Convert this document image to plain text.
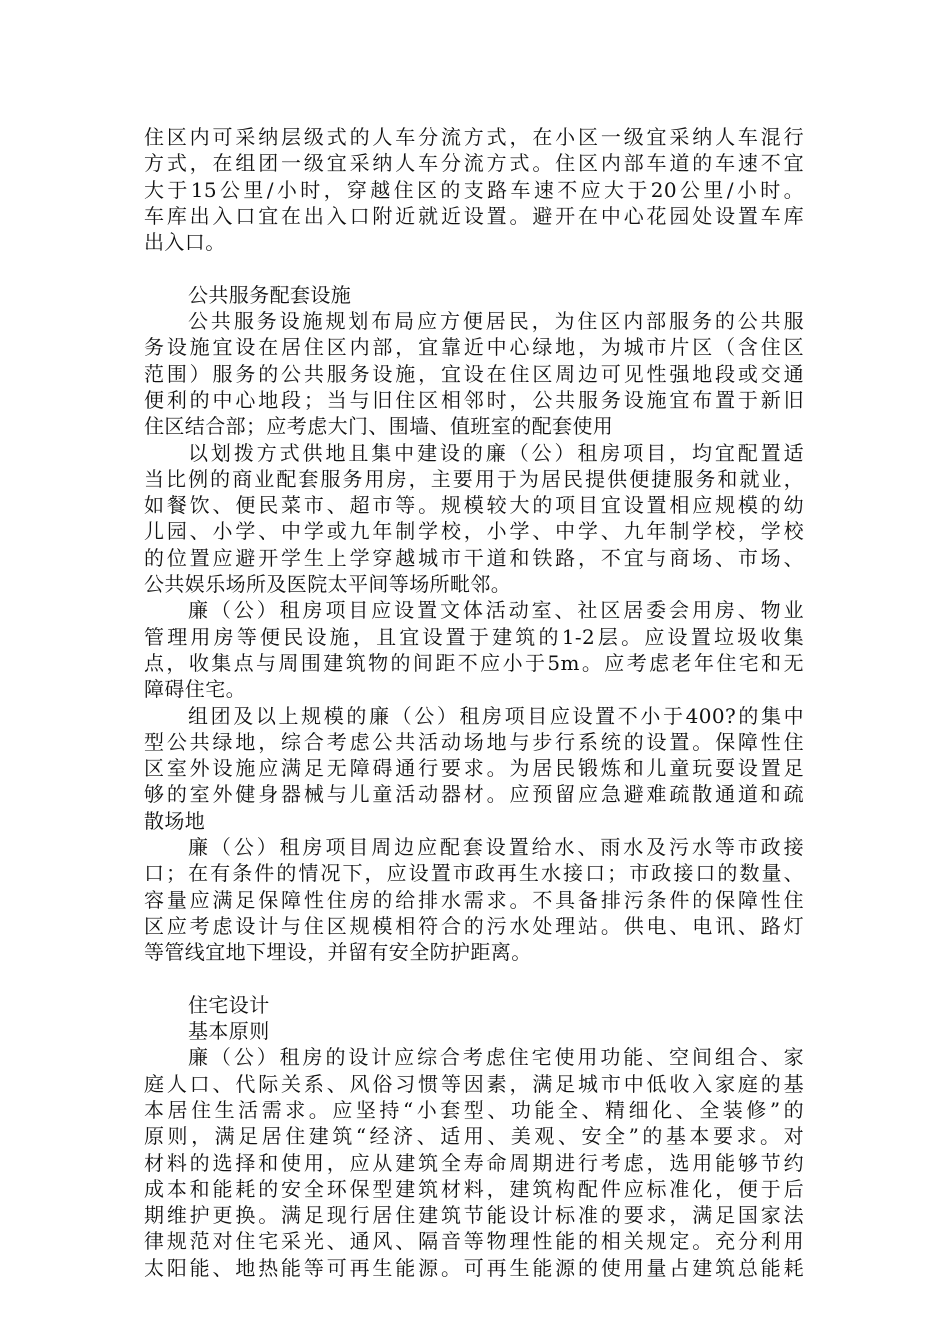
住区内可采纳层级式的人车分流方式，在小区一级宜采纳人车混行
方式，在组团一级宜采纳人车分流方式。住区内部车道的车速不宜
大于15公里/小时，穿越住区的支路车速不应大于20公里/小时。
车库出入口宜在出入口附近就近设置。避开在中心花园处设置车库
出入口。
公共服务配套设施
公共服务设施规划布局应方便居民，为住区内部服务的公共服
务设施宜设在居住区内部，宜靠近中心绿地，为城市片区（含住区
范围）服务的公共服务设施，宜设在住区周边可见性强地段或交通
便利的中心地段；当与旧住区相邻时，公共服务设施宜布置于新旧
住区结合部；应考虑大门、围墙、值班室的配套使用
以划拨方式供地且集中建设的廉（公）租房项目，均宜配置适
当比例的商业配套服务用房，主要用于为居民提供便捷服务和就业，
如餐饮、便民菜市、超市等。规模较大的项目宜设置相应规模的幼
儿园、小学、中学或九年制学校，小学、中学、九年制学校，学校
的位置应避开学生上学穿越城市干道和铁路，不宜与商场、市场、
公共娱乐场所及医院太平间等场所毗邻。
廉（公）租房项目应设置文体活动室、社区居委会用房、物业
管理用房等便民设施，且宜设置于建筑的1-2层。应设置垃圾收集
点，收集点与周围建筑物的间距不应小于5m。应考虑老年住宅和无
障碍住宅。
组团及以上规模的廉（公）租房项目应设置不小于400?的集中
型公共绿地，综合考虑公共活动场地与步行系统的设置。保障性住
区室外设施应满足无障碍通行要求。为居民锻炼和儿童玩耍设置足
够的室外健身器械与儿童活动器材。应预留应急避难疏散通道和疏
散场地
廉（公）租房项目周边应配套设置给水、雨水及污水等市政接
口；在有条件的情况下，应设置市政再生水接口；市政接口的数量、
容量应满足保障性住房的给排水需求。不具备排污条件的保障性住
区应考虑设计与住区规模相符合的污水处理站。供电、电讯、路灯
等管线宜地下埋设，并留有安全防护距离。
住宅设计
基本原则
廉（公）租房的设计应综合考虑住宅使用功能、空间组合、家
庭人口、代际关系、风俗习惯等因素，满足城市中低收入家庭的基
本居住生活需求。应坚持“小套型、功能全、精细化、全装修”的
原则，满足居住建筑“经济、适用、美观、安全”的基本要求。对
材料的选择和使用，应从建筑全寿命周期进行考虑，选用能够节约
成本和能耗的安全环保型建筑材料，建筑构配件应标准化，便于后
期维护更换。满足现行居住建筑节能设计标准的要求，满足国家法
律规范对住宅采光、通风、隔音等物理性能的相关规定。充分利用
太阳能、地热能等可再生能源。可再生能源的使用量占建筑总能耗
